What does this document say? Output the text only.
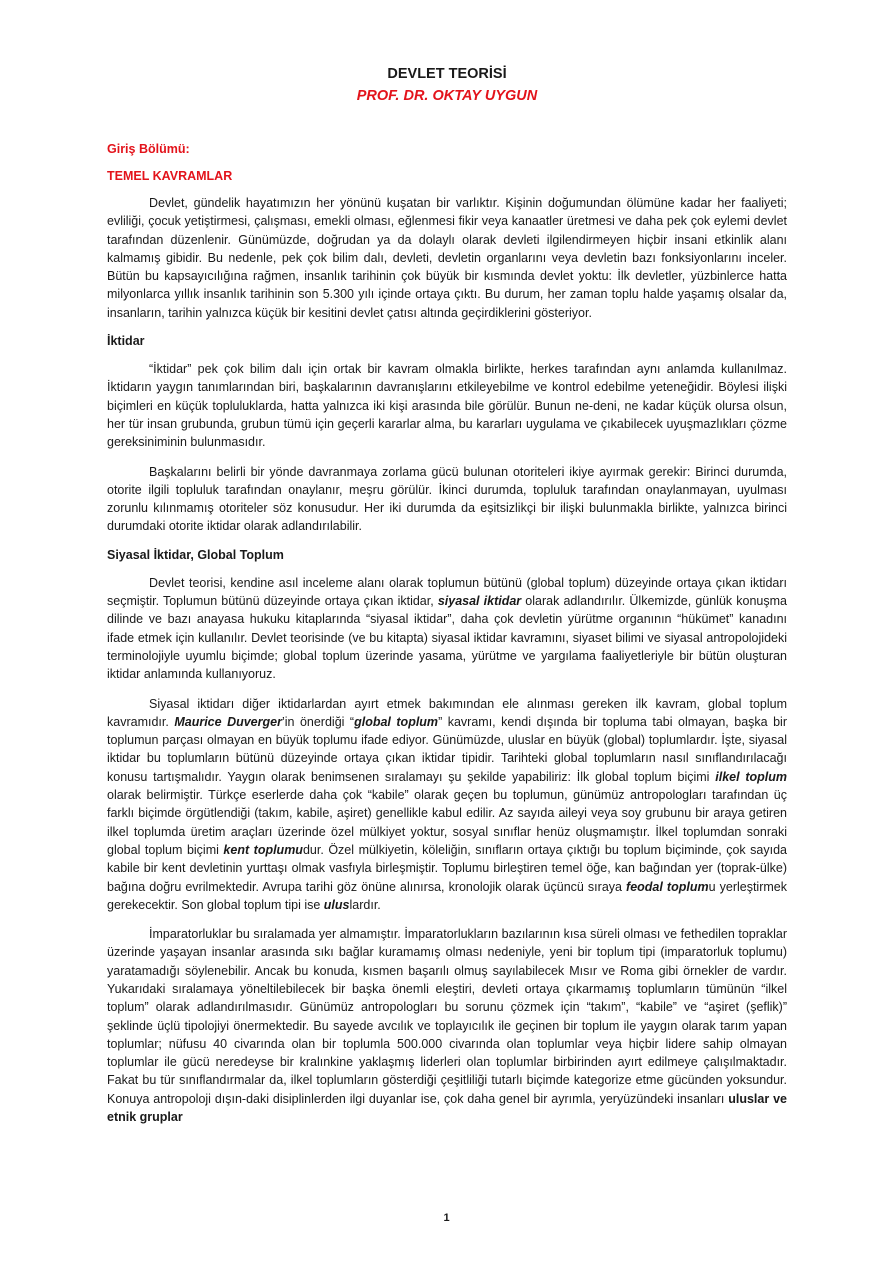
DEVLET TEORİSİ
PROF. DR. OKTAY UYGUN
Giriş Bölümü:
TEMEL KAVRAMLAR

Devlet, gündelik hayatımızın her yönünü kuşatan bir varlıktır. Kişinin doğumundan ölümüne kadar her faaliyeti; evliliği, çocuk yetiştirmesi, çalışması, emekli olması, eğlenmesi fikir veya kanaatler üretmesi ve daha pek çok eylemi devlet tarafından düzenlenir. Günümüzde, doğrudan ya da dolaylı olarak devleti ilgilendirmeyen hiçbir insani etkinlik alanı kalmamış gibidir. Bu nedenle, pek çok bilim dalı, devleti, devletin organlarını veya devletin bazı fonksiyonlarını inceler. Bütün bu kapsayıcılığına rağmen, insanlık tarihinin çok büyük bir kısmında devlet yoktu: İlk devletler, yüzbinlerce hatta milyonlarca yıllık insanlık tarihinin son 5.300 yılı içinde ortaya çıktı. Bu durum, her zaman toplu halde yaşamış olsalar da, insanların, tarihin yalnızca küçük bir kesitini devlet çatısı altında geçirdiklerini gösteriyor.

İktidar

“İktidar” pek çok bilim dalı için ortak bir kavram olmakla birlikte, herkes tarafından aynı anlamda kullanılmaz. İktidarın yaygın tanımlarından biri, başkalarının davranışlarını etkileyebilme ve kontrol edebilme yeteneğidir. Böylesi ilişki biçimleri en küçük topluluklarda, hatta yalnızca iki kişi arasında bile görülür. Bunun ne-deni, ne kadar küçük olursa olsun, her tür insan grubunda, grubun tümü için geçerli kararlar alma, bu kararları uygulama ve çıkabilecek uyuşmazlıkları çözme gereksiniminin bulunmasıdır.

Başkalarını belirli bir yönde davranmaya zorlama gücü bulunan otoriteleri ikiye ayırmak gerekir: Birinci durumda, otorite ilgili topluluk tarafından onaylanır, meşru görülür. İkinci durumda, topluluk tarafından onaylanmayan, uyulması zorunlu kılınmamış otoriteler söz konusudur. Her iki durumda da eşitsizlikçi bir ilişki bulunmakla birlikte, yalnızca birinci durumdaki otorite iktidar olarak adlandırılabilir.

Siyasal İktidar, Global Toplum

Devlet teorisi, kendine asıl inceleme alanı olarak toplumun bütünü (global toplum) düzeyinde ortaya çıkan iktidarı seçmiştir. Toplumun bütünü düzeyinde ortaya çıkan iktidar, siyasal iktidar olarak adlandırılır. Ülkemizde, günlük konuşma dilinde ve bazı anayasa hukuku kitaplarında “siyasal iktidar”, daha çok devletin yürütme organının “hükümet” kanadını ifade etmek için kullanılır. Devlet teorisinde (ve bu kitapta) siyasal iktidar kavramını, siyaset bilimi ve siyasal antropolojideki terminolojiyle uyumlu biçimde; global toplum üzerinde yasama, yürütme ve yargılama faaliyetleriyle bir bütün oluşturan iktidar anlamında kullanıyoruz.

Siyasal iktidarı diğer iktidarlardan ayırt etmek bakımından ele alınması gereken ilk kavram, global toplum kavramıdır. Maurice Duverger’in önerdiği “global toplum” kavramı, kendi dışında bir topluma tabi olmayan, başka bir toplumun parçası olmayan en büyük toplumu ifade ediyor. Günümüzde, uluslar en büyük (global) toplumlardır. İşte, siyasal iktidar bu toplumların bütünü düzeyinde ortaya çıkan iktidar tipidir. Tarihteki global toplumların nasıl sınıflandırılacağı konusu tartışmalıdır. Yaygın olarak benimsenen sıralamayı şu şekilde yapabiliriz: İlk global toplum biçimi ilkel toplum olarak belirmiştir. Türkçe eserlerde daha çok “kabile” olarak geçen bu toplumun, günümüz antropologları tarafından üç farklı biçimde örgütlendiği (takım, kabile, aşiret) genellikle kabul edilir. Az sayıda aileyi veya soy grubunu bir araya getiren ilkel toplumda üretim araçları üzerinde özel mülkiyet yoktur, sosyal sınıflar henüz oluşmamıştır. İlkel toplumdan sonraki global toplum biçimi kent toplumudur. Özel mülkiyetin, köleliğin, sınıfların ortaya çıktığı bu toplum biçiminde, çok sayıda kabile bir kent devletinin yurttaşı olmak vasfıyla birleşmiştir. Toplumu birleştiren temel öğe, kan bağından yer (toprak-ülke) bağına doğru evrilmektedir. Avrupa tarihi göz önüne alınırsa, kronolojik olarak üçüncü sıraya feodal toplumu yerleştirmek gerekecektir. Son global toplum tipi ise uluslardır.

İmparatorluklar bu sıralamada yer almamıştır. İmparatorlukların bazılarının kısa süreli olması ve fethedilen topraklar üzerinde yaşayan insanlar arasında sıkı bağlar kuramamış olması nedeniyle, yeni bir toplum tipi (imparatorluk toplumu) yaratamadığı söylenebilir. Ancak bu konuda, kısmen başarılı olmuş sayılabilecek Mısır ve Roma gibi örnekler de vardır. Yukarıdaki sıralamaya yöneltilebilecek bir başka önemli eleştiri, devleti ortaya çıkarmamış toplumların tümünün “ilkel toplum” olarak adlandırılmasıdır. Günümüz antropologları bu sorunu çözmek için “takım”, “kabile” ve “aşiret (şeflik)” şeklinde üçlü tipolojiyi önermektedir. Bu sayede avcılık ve toplayıcılık ile geçinen bir toplum ile yaygın olarak tarım yapan toplumlar; nüfusu 40 civarında olan bir toplumla 500.000 civarında olan toplumlar veya hiçbir lidere sahip olmayan toplumlar ile gücü neredeyse bir kralınkine yaklaşmış liderleri olan toplumlar birbirinden ayırt edilmeye çalışılmaktadır. Fakat bu tür sınıflandırmalar da, ilkel toplumların gösterdiği çeşitliliği tutarlı biçimde kategorize etme gücünden yoksundur. Konuya antropoloji dışın-daki disiplinlerden ilgi duyanlar ise, çok daha genel bir ayrımla, yeryüzündeki insanları uluslar ve etnik gruplar

1
